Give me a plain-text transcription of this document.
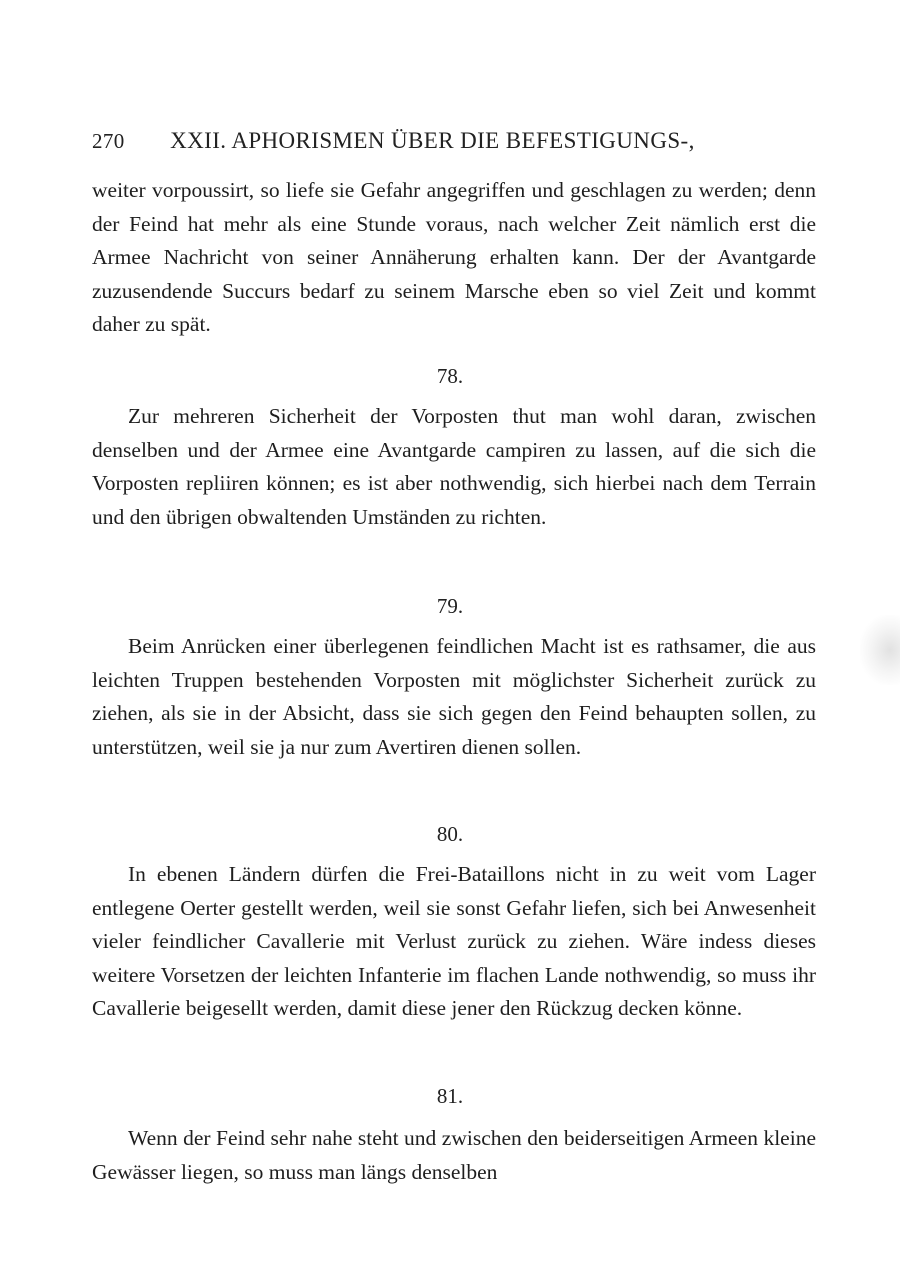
270 XXII. APHORISMEN ÜBER DIE BEFESTIGUNGS-,

weiter vorpoussirt, so liefe sie Gefahr angegriffen und geschlagen zu werden; denn der Feind hat mehr als eine Stunde voraus, nach welcher Zeit nämlich erst die Armee Nachricht von seiner Annäherung erhalten kann. Der der Avantgarde zuzusendende Succurs bedarf zu seinem Marsche eben so viel Zeit und kommt daher zu spät.

78.

Zur mehreren Sicherheit der Vorposten thut man wohl daran, zwischen denselben und der Armee eine Avantgarde campiren zu lassen, auf die sich die Vorposten repliiren können; es ist aber nothwendig, sich hierbei nach dem Terrain und den übrigen obwaltenden Umständen zu richten.

79.

Beim Anrücken einer überlegenen feindlichen Macht ist es rathsamer, die aus leichten Truppen bestehenden Vorposten mit möglichster Sicherheit zurück zu ziehen, als sie in der Absicht, dass sie sich gegen den Feind behaupten sollen, zu unterstützen, weil sie ja nur zum Avertiren dienen sollen.

80.

In ebenen Ländern dürfen die Frei-Bataillons nicht in zu weit vom Lager entlegene Oerter gestellt werden, weil sie sonst Gefahr liefen, sich bei Anwesenheit vieler feindlicher Cavallerie mit Verlust zurück zu ziehen. Wäre indess dieses weitere Vorsetzen der leichten Infanterie im flachen Lande nothwendig, so muss ihr Cavallerie beigesellt werden, damit diese jener den Rückzug decken könne.

81.

Wenn der Feind sehr nahe steht und zwischen den beiderseitigen Armeen kleine Gewässer liegen, so muss man längs denselben
